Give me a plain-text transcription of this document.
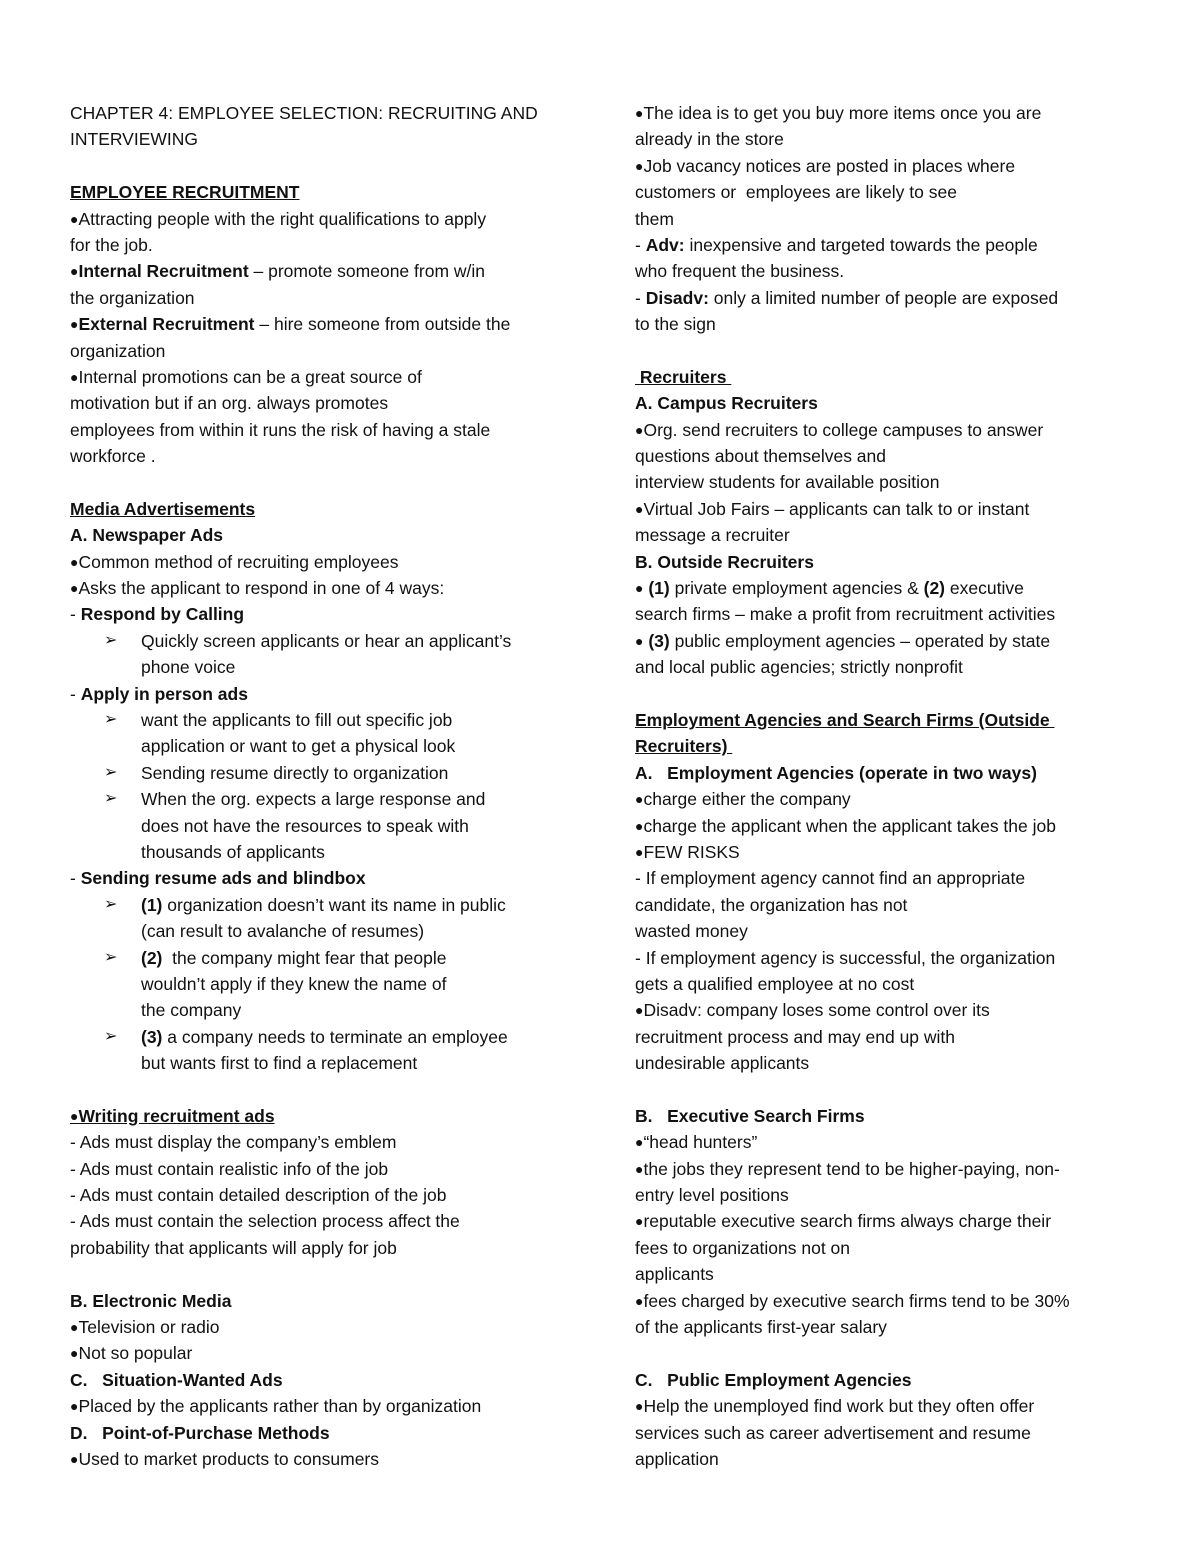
CHAPTER 4: EMPLOYEE SELECTION: RECRUITING AND
INTERVIEWING
EMPLOYEE RECRUITMENT
●Attracting people with the right qualifications to apply
for the job.
●Internal Recruitment – promote someone from w/in
the organization
●External Recruitment – hire someone from outside the
organization
●Internal promotions can be a great source of
motivation but if an org. always promotes
employees from within it runs the risk of having a stale
workforce .
Media Advertisements
A. Newspaper Ads
●Common method of recruiting employees
●Asks the applicant to respond in one of 4 ways:
- Respond by Calling
➢ Quickly screen applicants or hear an applicant’s
phone voice
- Apply in person ads
➢ want the applicants to fill out specific job
application or want to get a physical look
➢ Sending resume directly to organization
➢ When the org. expects a large response and
does not have the resources to speak with
thousands of applicants
- Sending resume ads and blindbox
➢ (1) organization doesn’t want its name in public
(can result to avalanche of resumes)
➢ (2)  the company might fear that people
wouldn’t apply if they knew the name of
the company
➢ (3) a company needs to terminate an employee
but wants first to find a replacement
●Writing recruitment ads
- Ads must display the company’s emblem
- Ads must contain realistic info of the job
- Ads must contain detailed description of the job
- Ads must contain the selection process affect the
probability that applicants will apply for job
B. Electronic Media
●Television or radio
●Not so popular
C.   Situation-Wanted Ads
●Placed by the applicants rather than by organization
D.   Point-of-Purchase Methods
●Used to market products to consumers
●The idea is to get you buy more items once you are
already in the store
●Job vacancy notices are posted in places where
customers or  employees are likely to see
them
- Adv: inexpensive and targeted towards the people
who frequent the business.
- Disadv: only a limited number of people are exposed
to the sign
Recruiters
A. Campus Recruiters
●Org. send recruiters to college campuses to answer
questions about themselves and
interview students for available position
●Virtual Job Fairs – applicants can talk to or instant
message a recruiter
B. Outside Recruiters
● (1) private employment agencies & (2) executive
search firms – make a profit from recruitment activities
● (3) public employment agencies – operated by state
and local public agencies; strictly nonprofit
Employment Agencies and Search Firms (Outside
Recruiters)
A.   Employment Agencies (operate in two ways)
●charge either the company
●charge the applicant when the applicant takes the job
●FEW RISKS
- If employment agency cannot find an appropriate
candidate, the organization has not
wasted money
- If employment agency is successful, the organization
gets a qualified employee at no cost
●Disadv: company loses some control over its
recruitment process and may end up with
undesirable applicants
B.   Executive Search Firms
●“head hunters”
●the jobs they represent tend to be higher-paying, non-
entry level positions
●reputable executive search firms always charge their
fees to organizations not on
applicants
●fees charged by executive search firms tend to be 30%
of the applicants first-year salary
C.   Public Employment Agencies
●Help the unemployed find work but they often offer
services such as career advertisement and resume
application
